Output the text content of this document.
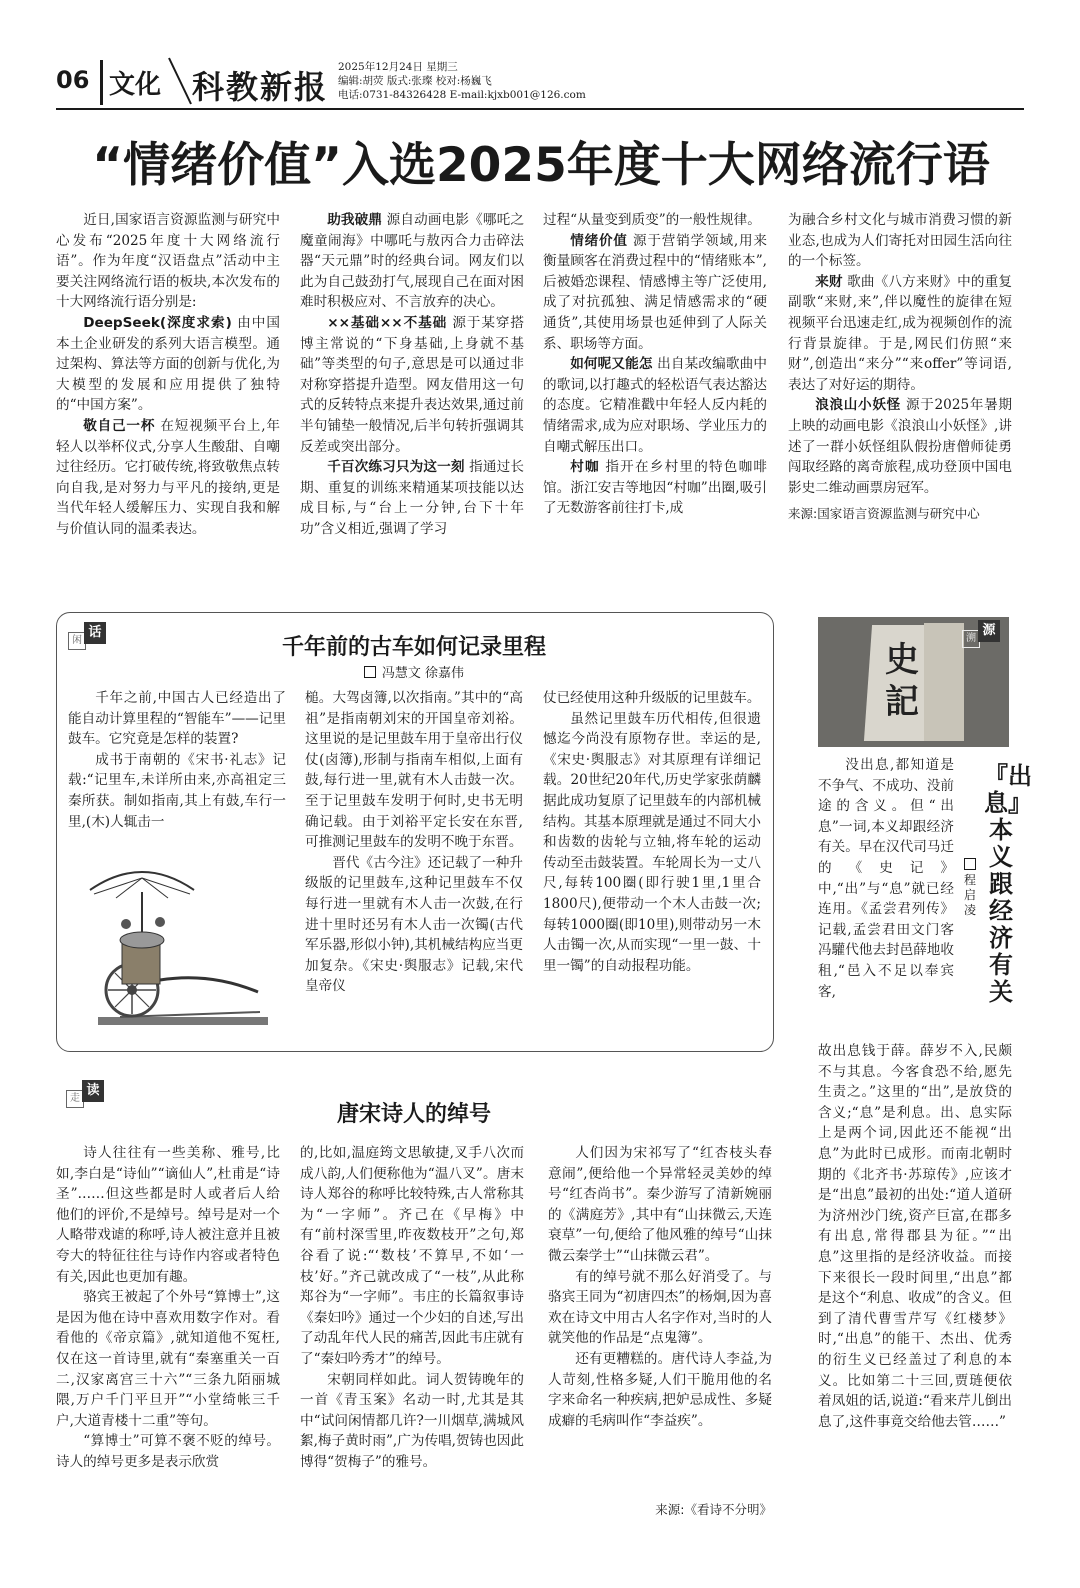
06 文化 科教新报
2025年12月24日 星期三
编辑:胡荧 版式:张璨 校对:杨巍飞
电话:0731-84326428 E-mail:kjxb001@126.com
“情绪价值”入选2025年度十大网络流行语

近日,国家语言资源监测与研究中心发布“2025年度十大网络流行语”。作为年度“汉语盘点”活动中主要关注网络流行语的板块,本次发布的十大网络流行语分别是:

DeepSeek(深度求索) 由中国本土企业研发的系列大语言模型。通过架构、算法等方面的创新与优化,为大模型的发展和应用提供了独特的“中国方案”。

敬自己一杯 在短视频平台上,年轻人以举杯仪式,分享人生酸甜、自嘲过往经历。它打破传统,将致敬焦点转向自我,是对努力与平凡的接纳,更是当代年轻人缓解压力、实现自我和解与价值认同的温柔表达。

助我破鼎 源自动画电影《哪吒之魔童闹海》中哪吒与敖丙合力击碎法器“天元鼎”时的经典台词。网友们以此为自己鼓劲打气,展现自己在面对困难时积极应对、不言放弃的决心。

××基础××不基础 源于某穿搭博主常说的“下身基础,上身就不基础”等类型的句子,意思是可以通过非对称穿搭提升造型。网友借用这一句式的反转特点来提升表达效果,通过前半句铺垫一般情况,后半句转折强调其反差或突出部分。

千百次练习只为这一刻 指通过长期、重复的训练来精通某项技能以达成目标,与“台上一分钟,台下十年功”含义相近,强调了学习

过程“从量变到质变”的一般性规律。

情绪价值 源于营销学领域,用来衡量顾客在消费过程中的“情绪账本”,后被婚恋课程、情感博主等广泛使用,成了对抗孤独、满足情感需求的“硬通货”,其使用场景也延伸到了人际关系、职场等方面。

如何呢又能怎 出自某改编歌曲中的歌词,以打趣式的轻松语气表达豁达的态度。它精准戳中年轻人反内耗的情绪需求,成为应对职场、学业压力的自嘲式解压出口。

村咖 指开在乡村里的特色咖啡馆。浙江安吉等地因“村咖”出圈,吸引了无数游客前往打卡,成

为融合乡村文化与城市消费习惯的新业态,也成为人们寄托对田园生活向往的一个标签。

来财 歌曲《八方来财》中的重复副歌“来财,来”,伴以魔性的旋律在短视频平台迅速走红,成为视频创作的流行背景旋律。于是,网民们仿照“来财”,创造出“来分”“来offer”等词语,表达了对好运的期待。

浪浪山小妖怪 源于2025年暑期上映的动画电影《浪浪山小妖怪》,讲述了一群小妖怪组队假扮唐僧师徒勇闯取经路的离奇旅程,成功登顶中国电影史二维动画票房冠军。

来源:国家语言资源监测与研究中心
闲
话
千年前的古车如何记录里程
冯慧文 徐嘉伟

千年之前,中国古人已经造出了能自动计算里程的“智能车”——记里鼓车。它究竟是怎样的装置?

成书于南朝的《宋书·礼志》记载:“记里车,未详所由来,亦高祖定三秦所获。制如指南,其上有鼓,车行一里,(木)人辄击一

槌。大驾卤簿,以次指南。”其中的“高祖”是指南朝刘宋的开国皇帝刘裕。这里说的是记里鼓车用于皇帝出行仪仗(卤簿),形制与指南车相似,上面有鼓,每行进一里,就有木人击鼓一次。至于记里鼓车发明于何时,史书无明确记载。由于刘裕平定长安在东晋,可推测记里鼓车的发明不晚于东晋。

晋代《古今注》还记载了一种升级版的记里鼓车,这种记里鼓车不仅每行进一里就有木人击一次鼓,在行进十里时还另有木人击一次镯(古代军乐器,形似小钟),其机械结构应当更加复杂。《宋史·舆服志》记载,宋代皇帝仪

仗已经使用这种升级版的记里鼓车。

虽然记里鼓车历代相传,但很遗憾迄今尚没有原物存世。幸运的是,《宋史·舆服志》对其原理有详细记载。20世纪20年代,历史学家张荫麟据此成功复原了记里鼓车的内部机械结构。其基本原理就是通过不同大小和齿数的齿轮与立轴,将车轮的运动传动至击鼓装置。车轮周长为一丈八尺,每转100圈(即行驶1里,1里合1800尺),便带动一个木人击鼓一次;每转1000圈(即10里),则带动另一木人击镯一次,从而实现“一里一鼓、十里一镯”的自动报程功能。

走
读
唐宋诗人的绰号

诗人往往有一些美称、雅号,比如,李白是“诗仙”“谪仙人”,杜甫是“诗圣”……但这些都是时人或者后人给他们的评价,不是绰号。绰号是对一个人略带戏谑的称呼,诗人被注意并且被夸大的特征往往与诗作内容或者特色有关,因此也更加有趣。

骆宾王被起了个外号“算博士”,这是因为他在诗中喜欢用数字作对。看看他的《帝京篇》,就知道他不冤枉,仅在这一首诗里,就有“秦塞重关一百二,汉家离宫三十六”“三条九陌丽城隈,万户千门平旦开”“小堂绮帐三千户,大道青楼十二重”等句。

“算博士”可算不褒不贬的绰号。诗人的绰号更多是表示欣赏

的,比如,温庭筠文思敏捷,叉手八次而成八韵,人们便称他为“温八叉”。唐末诗人郑谷的称呼比较特殊,古人常称其为“一字师”。齐己在《早梅》中有“前村深雪里,昨夜数枝开”之句,郑谷看了说:“‘数枝’不算早,不如‘一枝’好。”齐己就改成了“一枝”,从此称郑谷为“一字师”。韦庄的长篇叙事诗《秦妇吟》通过一个少妇的自述,写出了动乱年代人民的痛苦,因此韦庄就有了“秦妇吟秀才”的绰号。

宋朝同样如此。词人贺铸晚年的一首《青玉案》名动一时,尤其是其中“试问闲情都几许?一川烟草,满城风絮,梅子黄时雨”,广为传唱,贺铸也因此博得“贺梅子”的雅号。

人们因为宋祁写了“红杏枝头春意闹”,便给他一个异常轻灵美妙的绰号“红杏尚书”。秦少游写了清新婉丽的《满庭芳》,其中有“山抹微云,天连衰草”一句,便给了他风雅的绰号“山抹微云秦学士”“山抹微云君”。

有的绰号就不那么好消受了。与骆宾王同为“初唐四杰”的杨炯,因为喜欢在诗文中用古人名字作对,当时的人就笑他的作品是“点鬼簿”。

还有更糟糕的。唐代诗人李益,为人苛刻,性格多疑,人们干脆用他的名字来命名一种疾病,把妒忌成性、多疑成癖的毛病叫作“李益疾”。

来源:《看诗不分明》
史記
溯
源
『出息』本义跟经济有关
程启凌

没出息,都知道是不争气、不成功、没前途的含义。但“出息”一词,本义却跟经济有关。早在汉代司马迁的《史记》中,“出”与“息”就已经连用。《孟尝君列传》记载,孟尝君田文门客冯驩代他去封邑薛地收租,“邑入不足以奉宾客,

故出息钱于薛。薛岁不入,民颇不与其息。今客食恐不给,愿先生责之。”这里的“出”,是放贷的含义;“息”是利息。出、息实际上是两个词,因此还不能视“出息”为此时已成形。而南北朝时期的《北齐书·苏琼传》,应该才是“出息”最初的出处:“道人道研为济州沙门统,资产巨富,在郡多有出息,常得郡县为征。”“出息”这里指的是经济收益。而接下来很长一段时间里,“出息”都是这个“利息、收成”的含义。但到了清代曹雪芹写《红楼梦》时,“出息”的能干、杰出、优秀的衍生义已经盖过了利息的本义。比如第二十三回,贾琏便依着凤姐的话,说道:“看来芹儿倒出息了,这件事竟交给他去管……”
